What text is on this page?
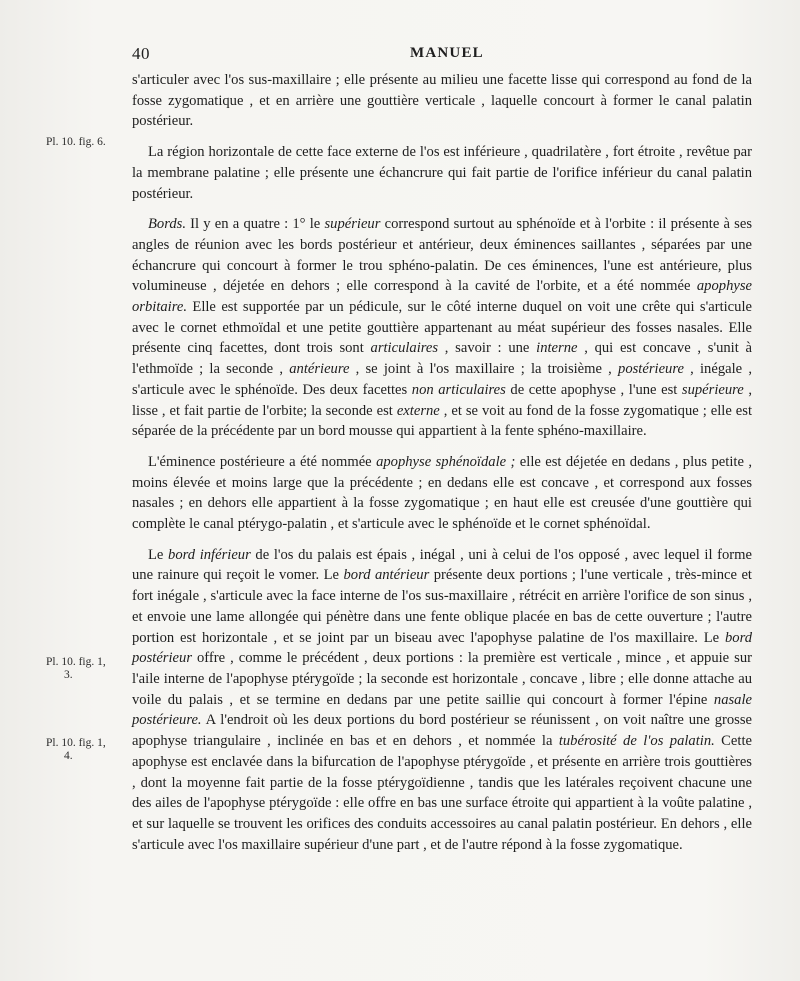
40	MANUEL
Pl. 10. fig. 6.
Pl. 10. fig. 1,
3.
Pl. 10. fig. 1,
4.

s'articuler avec l'os sus-maxillaire ; elle présente au milieu une facette lisse qui correspond au fond de la fosse zygomatique , et en arrière une gouttière verticale , laquelle concourt à former le canal palatin postérieur.

La région horizontale de cette face externe de l'os est inférieure , quadrilatère , fort étroite , revêtue par la membrane palatine ; elle présente une échancrure qui fait partie de l'orifice inférieur du canal palatin postérieur.

Bords. Il y en a quatre : 1° le supérieur correspond surtout au sphénoïde et à l'orbite : il présente à ses angles de réunion avec les bords postérieur et antérieur, deux éminences saillantes , séparées par une échancrure qui concourt à former le trou sphéno-palatin. De ces éminences, l'une est antérieure, plus volumineuse , déjetée en dehors ; elle correspond à la cavité de l'orbite, et a été nommée apophyse orbitaire. Elle est supportée par un pédicule, sur le côté interne duquel on voit une crête qui s'articule avec le cornet ethmoïdal et une petite gouttière appartenant au méat supérieur des fosses nasales. Elle présente cinq facettes, dont trois sont articulaires , savoir : une interne , qui est concave , s'unit à l'ethmoïde ; la seconde , antérieure , se joint à l'os maxillaire ; la troisième , postérieure , inégale , s'articule avec le sphénoïde. Des deux facettes non articulaires de cette apophyse , l'une est supérieure , lisse , et fait partie de l'orbite; la seconde est externe , et se voit au fond de la fosse zygomatique ; elle est séparée de la précédente par un bord mousse qui appartient à la fente sphéno-maxillaire.

L'éminence postérieure a été nommée apophyse sphénoïdale ; elle est déjetée en dedans , plus petite , moins élevée et moins large que la précédente ; en dedans elle est concave , et correspond aux fosses nasales ; en dehors elle appartient à la fosse zygomatique ; en haut elle est creusée d'une gouttière qui complète le canal ptérygo-palatin , et s'articule avec le sphénoïde et le cornet sphénoïdal.

Le bord inférieur de l'os du palais est épais , inégal , uni à celui de l'os opposé , avec lequel il forme une rainure qui reçoit le vomer. Le bord antérieur présente deux portions ; l'une verticale , très-mince et fort inégale , s'articule avec la face interne de l'os sus-maxillaire , rétrécit en arrière l'orifice de son sinus , et envoie une lame allongée qui pénètre dans une fente oblique placée en bas de cette ouverture ; l'autre portion est horizontale , et se joint par un biseau avec l'apophyse palatine de l'os maxillaire. Le bord postérieur offre , comme le précédent , deux portions : la première est verticale , mince , et appuie sur l'aile interne de l'apophyse ptérygoïde ; la seconde est horizontale , concave , libre ; elle donne attache au voile du palais , et se termine en dedans par une petite saillie qui concourt à former l'épine nasale postérieure. A l'endroit où les deux portions du bord postérieur se réunissent , on voit naître une grosse apophyse triangulaire , inclinée en bas et en dehors , et nommée la tubérosité de l'os palatin. Cette apophyse est enclavée dans la bifurcation de l'apophyse ptérygoïde , et présente en arrière trois gouttières , dont la moyenne fait partie de la fosse ptérygoïdienne , tandis que les latérales reçoivent chacune une des ailes de l'apophyse ptérygoïde : elle offre en bas une surface étroite qui appartient à la voûte palatine , et sur laquelle se trouvent les orifices des conduits accessoires au canal palatin postérieur. En dehors , elle s'articule avec l'os maxillaire supérieur d'une part , et de l'autre répond à la fosse zygomatique.
